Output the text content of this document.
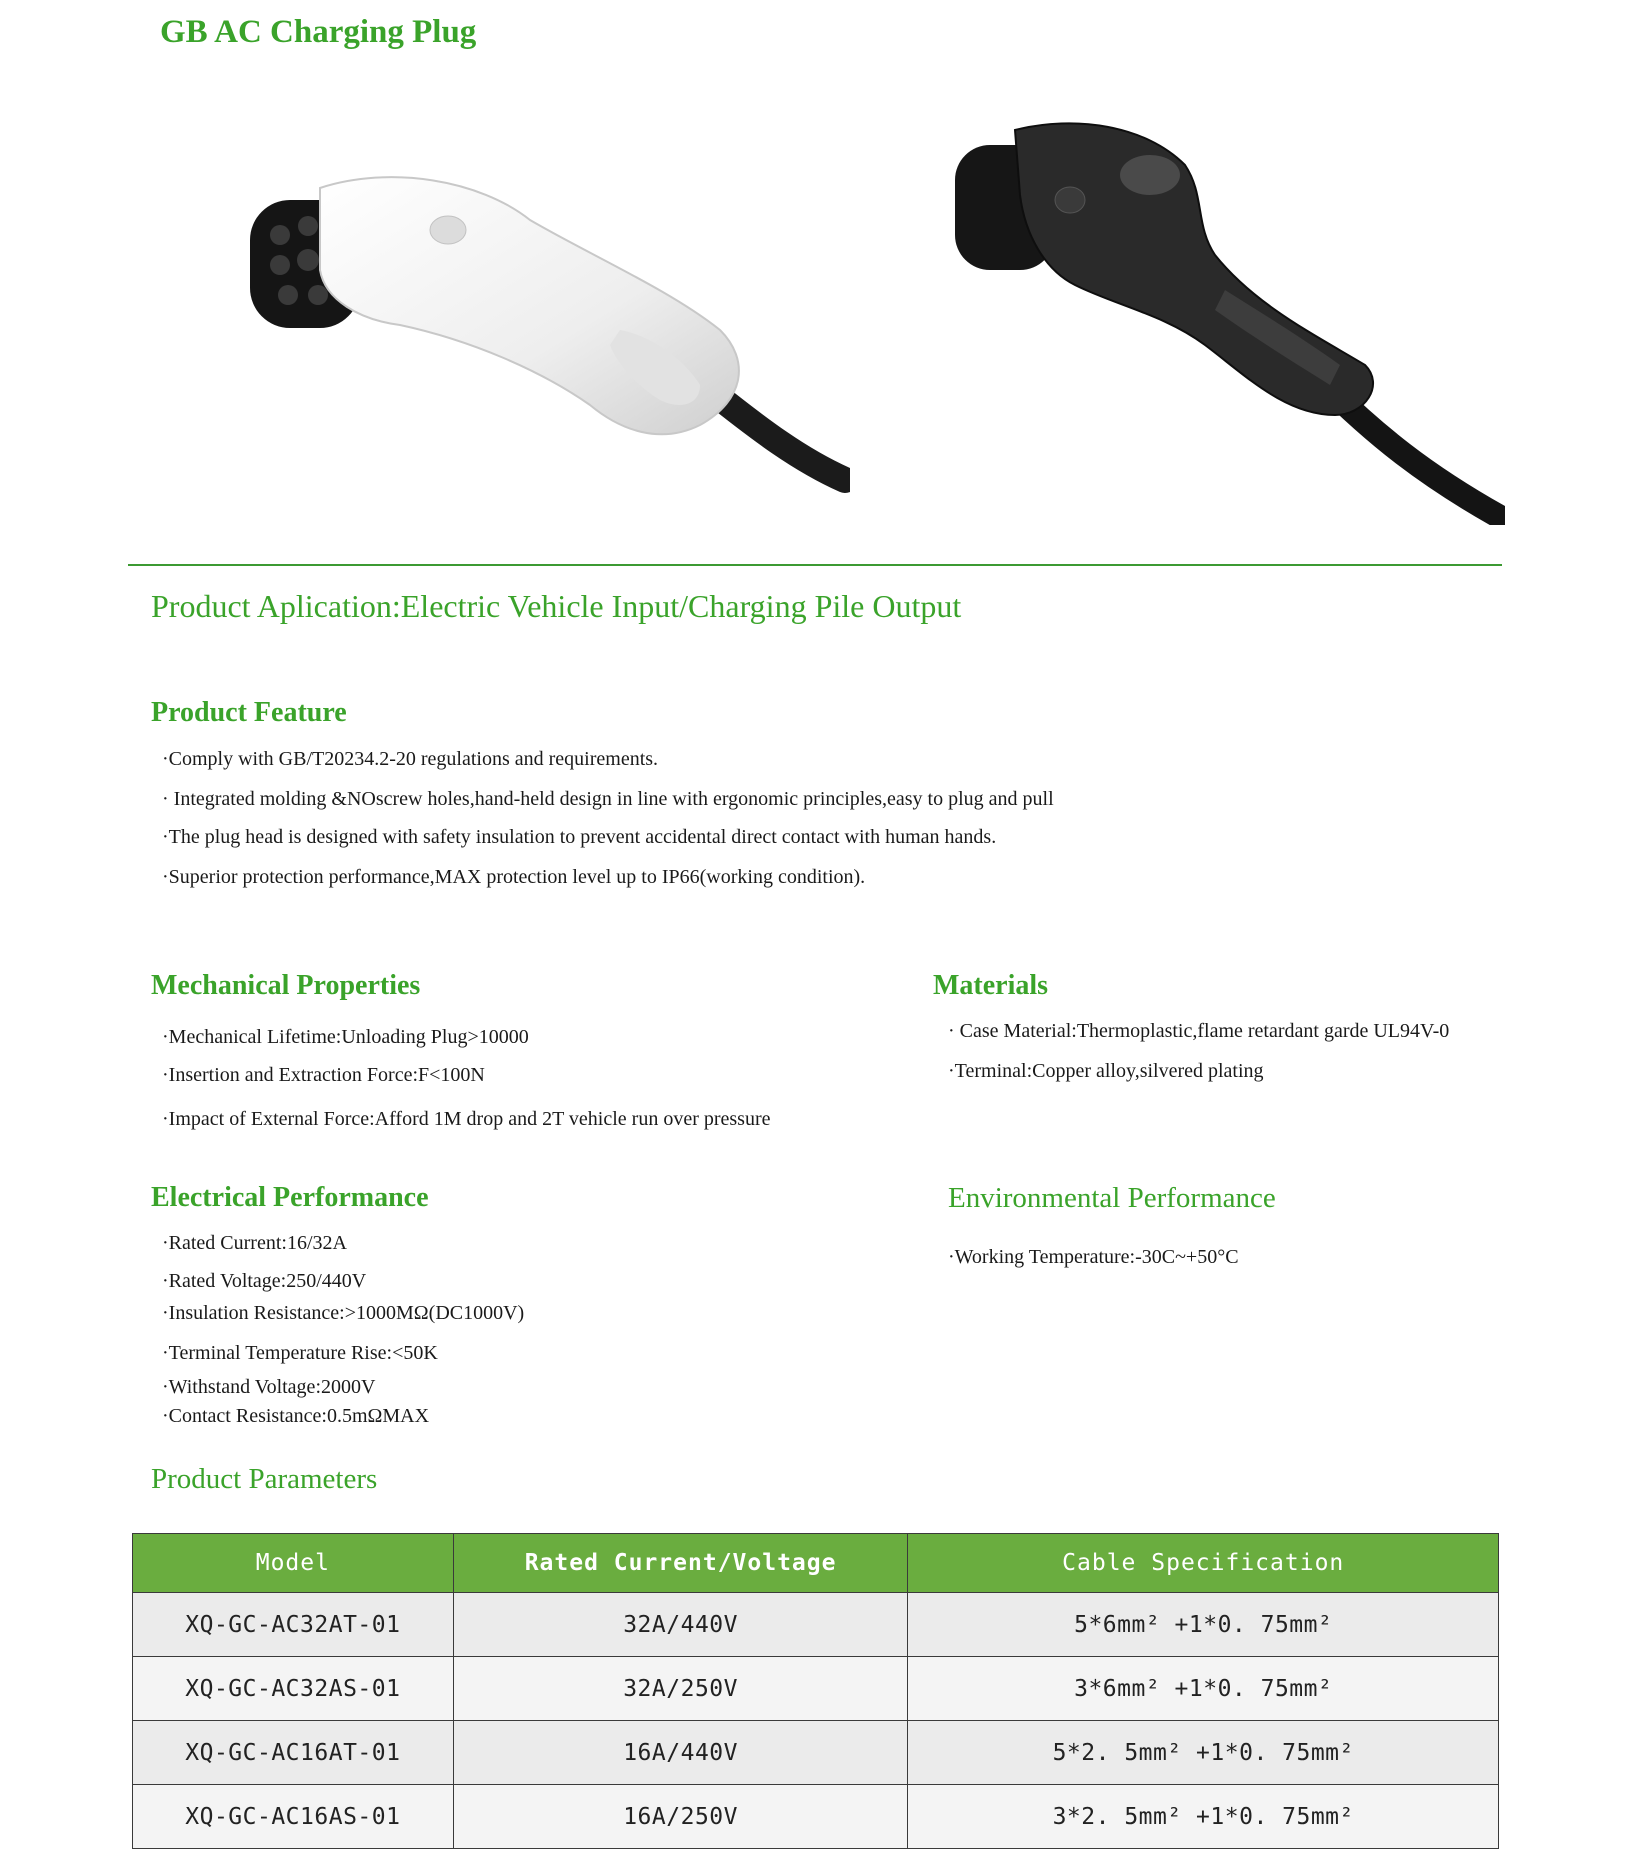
GB AC Charging Plug
Product Aplication:Electric Vehicle Input/Charging Pile Output
Product Feature
·Comply with GB/T20234.2-20 regulations and requirements.
· Integrated molding &NOscrew holes,hand-held design in line with ergonomic principles,easy to plug and pull
·The plug head is designed with safety insulation to prevent accidental direct contact with human hands.
·Superior protection performance,MAX protection level up to IP66(working condition).
Mechanical Properties
·Mechanical Lifetime:Unloading Plug>10000
·Insertion and Extraction Force:F<100N
·Impact of External Force:Afford 1M drop and 2T vehicle run over pressure
Materials
· Case Material:Thermoplastic,flame retardant garde UL94V-0
·Terminal:Copper alloy,silvered plating
Electrical Performance
·Rated Current:16/32A
·Rated Voltage:250/440V
·Insulation Resistance:>1000MΩ(DC1000V)
·Terminal Temperature Rise:<50K
·Withstand Voltage:2000V
·Contact Resistance:0.5mΩMAX
Environmental Performance
·Working Temperature:-30C~+50°C
Product Parameters
Model	Rated Current/Voltage	Cable Specification
XQ-GC-AC32AT-01	32A/440V	5*6mm² +1*0. 75mm²
XQ-GC-AC32AS-01	32A/250V	3*6mm² +1*0. 75mm²
XQ-GC-AC16AT-01	16A/440V	5*2. 5mm² +1*0. 75mm²
XQ-GC-AC16AS-01	16A/250V	3*2. 5mm² +1*0. 75mm²
